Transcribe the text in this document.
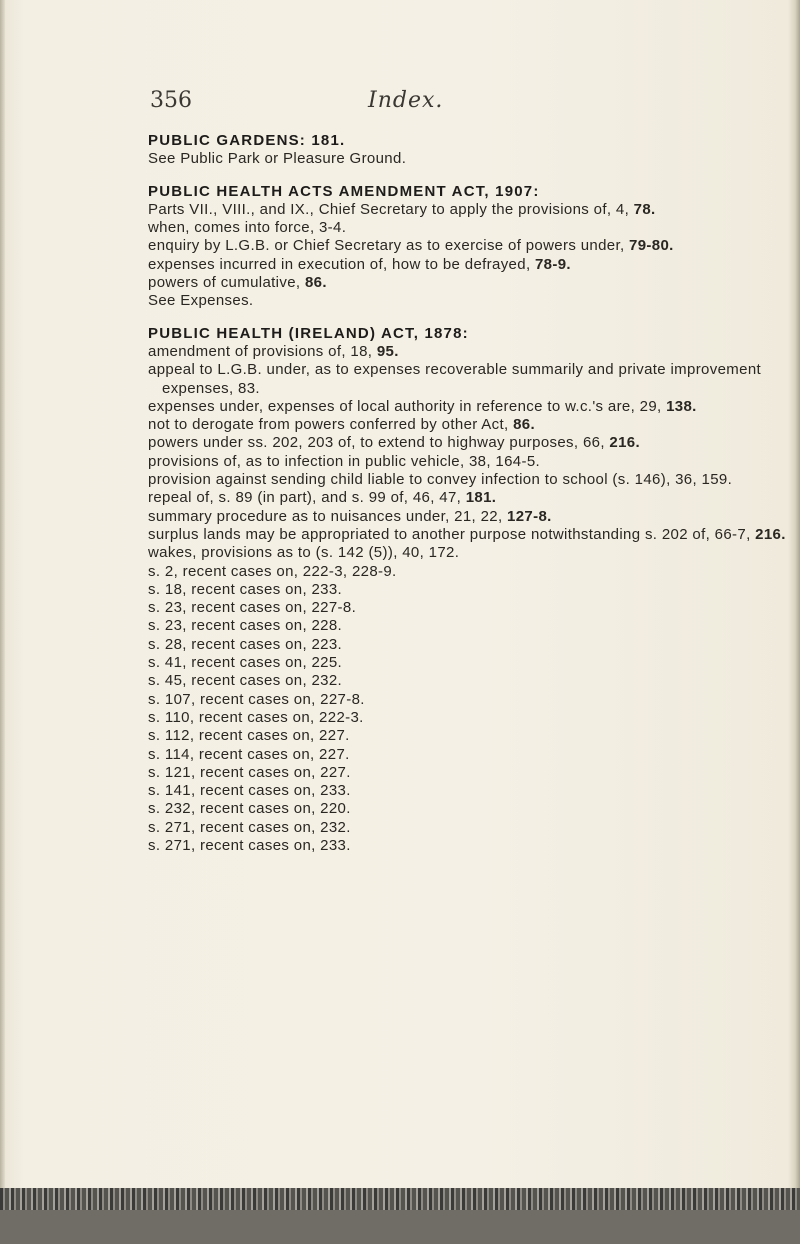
356	Index.
PUBLIC GARDENS: 181.
See Public Park or Pleasure Ground.
PUBLIC HEALTH ACTS AMENDMENT ACT, 1907:
Parts VII., VIII., and IX., Chief Secretary to apply the provisions of, 4, 78.
when, comes into force, 3-4.
enquiry by L.G.B. or Chief Secretary as to exercise of powers under, 79-80.
expenses incurred in execution of, how to be defrayed, 78-9.
powers of cumulative, 86.
See Expenses.
PUBLIC HEALTH (IRELAND) ACT, 1878:
amendment of provisions of, 18, 95.
appeal to L.G.B. under, as to expenses recoverable summarily and private improvement expenses, 83.
expenses under, expenses of local authority in reference to w.c.'s are, 29, 138.
not to derogate from powers conferred by other Act, 86.
powers under ss. 202, 203 of, to extend to highway purposes, 66, 216.
provisions of, as to infection in public vehicle, 38, 164-5.
provision against sending child liable to convey infection to school (s. 146), 36, 159.
repeal of, s. 89 (in part), and s. 99 of, 46, 47, 181.
summary procedure as to nuisances under, 21, 22, 127-8.
surplus lands may be appropriated to another purpose notwithstanding s. 202 of, 66-7, 216.
wakes, provisions as to (s. 142 (5)), 40, 172.
s. 2, recent cases on, 222-3, 228-9.
s. 18, recent cases on, 233.
s. 23, recent cases on, 227-8.
s. 23, recent cases on, 228.
s. 28, recent cases on, 223.
s. 41, recent cases on, 225.
s. 45, recent cases on, 232.
s. 107, recent cases on, 227-8.
s. 110, recent cases on, 222-3.
s. 112, recent cases on, 227.
s. 114, recent cases on, 227.
s. 121, recent cases on, 227.
s. 141, recent cases on, 233.
s. 232, recent cases on, 220.
s. 271, recent cases on, 232.
s. 271, recent cases on, 233.
